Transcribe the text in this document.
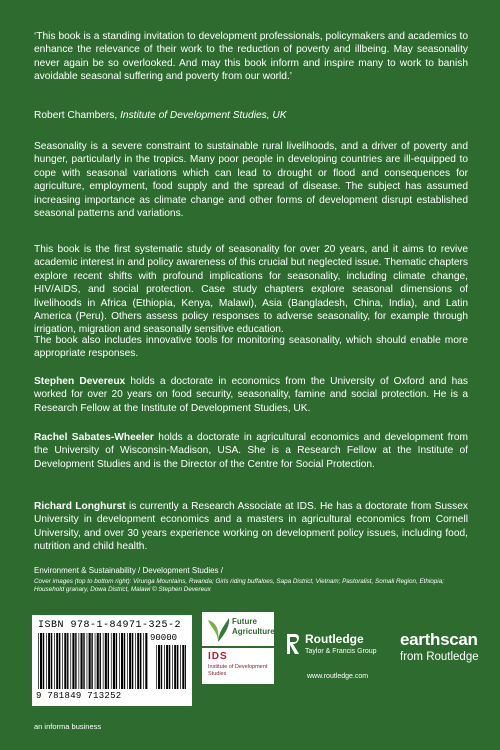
‘This book is a standing invitation to development professionals, policymakers and academics to enhance the relevance of their work to the reduction of poverty and illbeing. May seasonality never again be so overlooked. And may this book inform and inspire many to work to banish avoidable seasonal suffering and poverty from our world.’
Robert Chambers, Institute of Development Studies, UK
Seasonality is a severe constraint to sustainable rural livelihoods, and a driver of poverty and hunger, particularly in the tropics. Many poor people in developing countries are ill-equipped to cope with seasonal variations which can lead to drought or flood and consequences for agriculture, employment, food supply and the spread of disease. The subject has assumed increasing importance as climate change and other forms of development disrupt established seasonal patterns and variations.
This book is the first systematic study of seasonality for over 20 years, and it aims to revive academic interest in and policy awareness of this crucial but neglected issue. Thematic chapters explore recent shifts with profound implications for seasonality, including climate change, HIV/AIDS, and social protection. Case study chapters explore seasonal dimensions of livelihoods in Africa (Ethiopia, Kenya, Malawi), Asia (Bangladesh, China, India), and Latin America (Peru). Others assess policy responses to adverse seasonality, for example through irrigation, migration and seasonally sensitive education.
The book also includes innovative tools for monitoring seasonality, which should enable more appropriate responses.
Stephen Devereux holds a doctorate in economics from the University of Oxford and has worked for over 20 years on food security, seasonality, famine and social protection. He is a Research Fellow at the Institute of Development Studies, UK.
Rachel Sabates-Wheeler holds a doctorate in agricultural economics and development from the University of Wisconsin-Madison, USA. She is a Research Fellow at the Institute of Development Studies and is the Director of the Centre for Social Protection.
Richard Longhurst is currently a Research Associate at IDS. He has a doctorate from Sussex University in development economics and a masters in agricultural economics from Cornell University, and over 30 years experience working on development policy issues, including food, nutrition and child health.
Environment & Sustainability / Development Studies /
Cover images (top to bottom right): Virunga Mountains, Rwanda; Girls riding buffaloes, Sapa District, Vietnam; Pastoralist, Somali Region, Ethiopia; Household granary, Dowa District, Malawi © Stephen Devereux
ISBN 978-1-84971-325-2
90000
9 781849 713252
an informa business
Future Agricultures
IDS
Institute of Development Studies
Routledge
Taylor & Francis Group
www.routledge.com
earthscan
from Routledge
